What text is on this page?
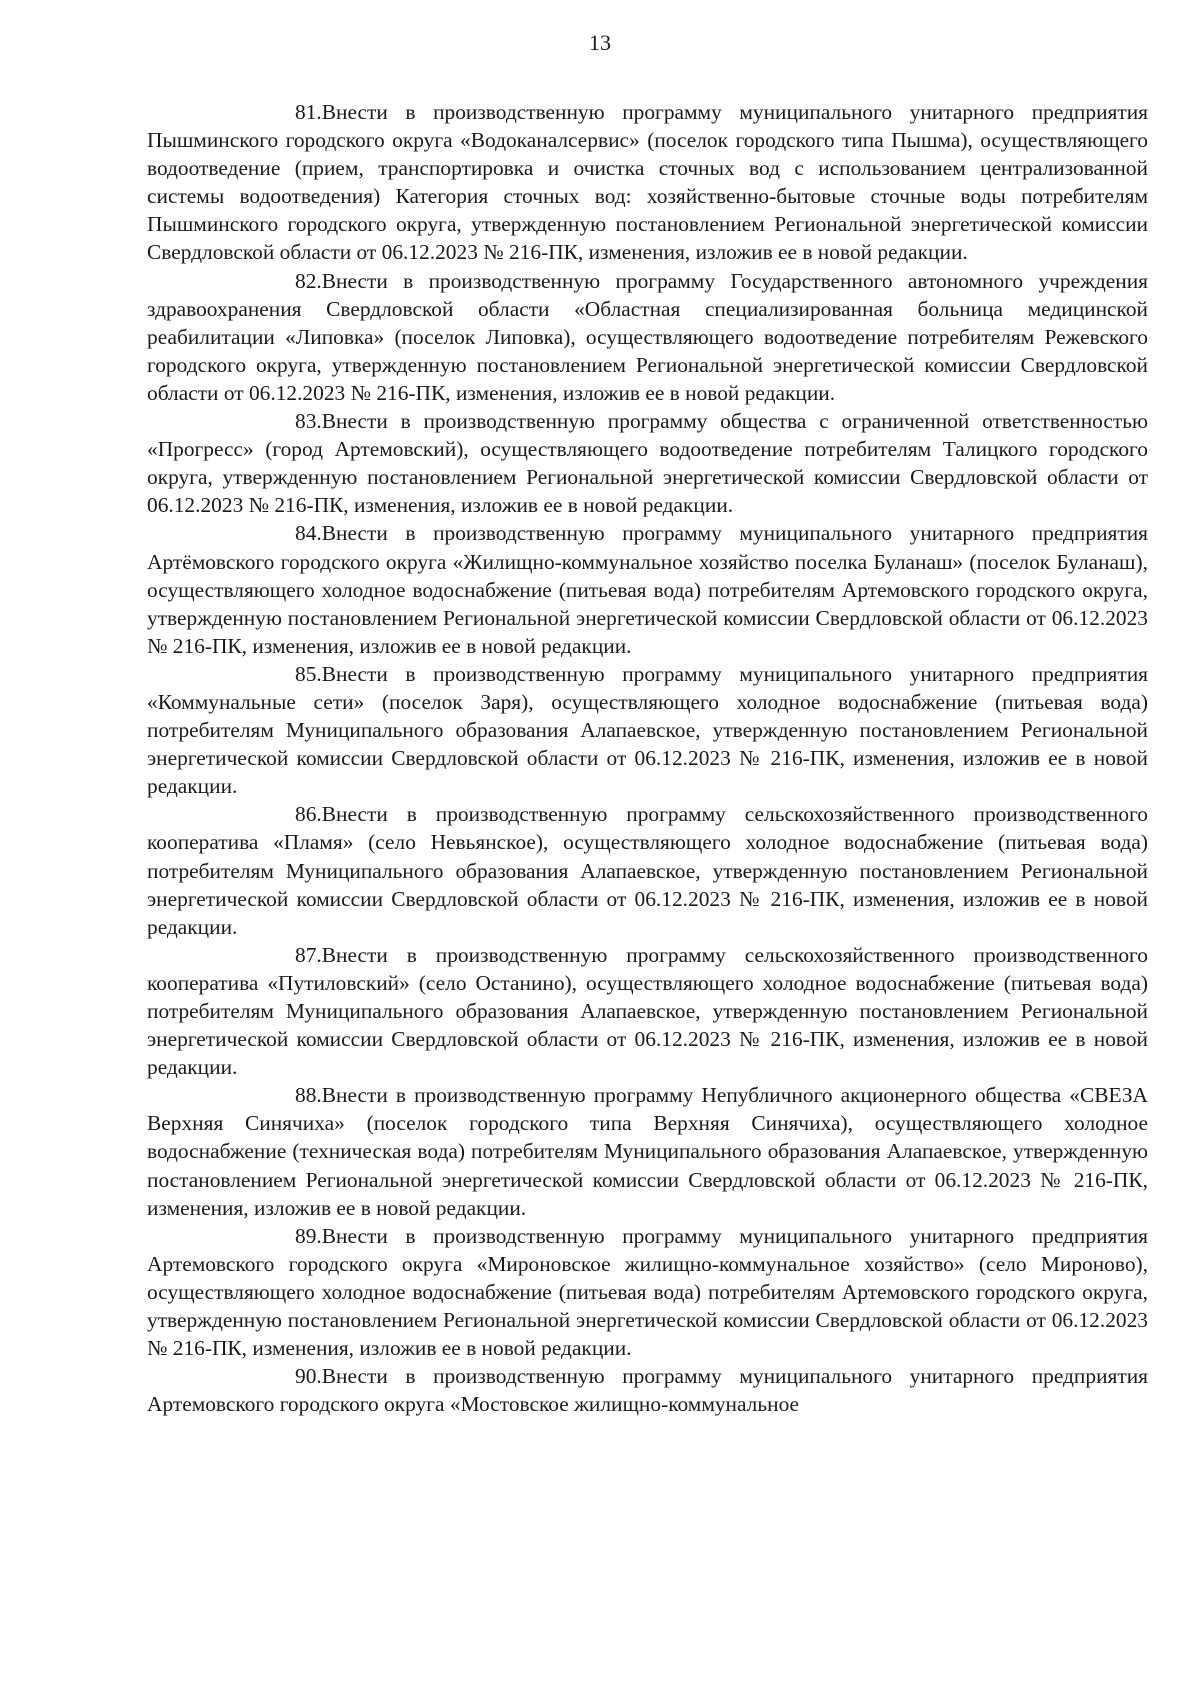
13

81.Внести в производственную программу муниципального унитарного предприятия Пышминского городского округа «Водоканалсервис» (поселок городского типа Пышма), осуществляющего водоотведение (прием, транспортировка и очистка сточных вод с использованием централизованной системы водоотведения) Категория сточных вод: хозяйственно-бытовые сточные воды потребителям Пышминского городского округа, утвержденную постановлением Региональной энергетической комиссии Свердловской области от 06.12.2023 № 216-ПК, изменения, изложив ее в новой редакции.

82.Внести в производственную программу Государственного автономного учреждения здравоохранения Свердловской области «Областная специализированная больница медицинской реабилитации «Липовка» (поселок Липовка), осуществляющего водоотведение потребителям Режевского городского округа, утвержденную постановлением Региональной энергетической комиссии Свердловской области от 06.12.2023 № 216-ПК, изменения, изложив ее в новой редакции.

83.Внести в производственную программу общества с ограниченной ответственностью «Прогресс» (город Артемовский), осуществляющего водоотведение потребителям Талицкого городского округа, утвержденную постановлением Региональной энергетической комиссии Свердловской области от 06.12.2023 № 216-ПК, изменения, изложив ее в новой редакции.

84.Внести в производственную программу муниципального унитарного предприятия Артёмовского городского округа «Жилищно-коммунальное хозяйство поселка Буланаш» (поселок Буланаш), осуществляющего холодное водоснабжение (питьевая вода) потребителям Артемовского городского округа, утвержденную постановлением Региональной энергетической комиссии Свердловской области от 06.12.2023 № 216-ПК, изменения, изложив ее в новой редакции.

85.Внести в производственную программу муниципального унитарного предприятия «Коммунальные сети» (поселок Заря), осуществляющего холодное водоснабжение (питьевая вода) потребителям Муниципального образования Алапаевское, утвержденную постановлением Региональной энергетической комиссии Свердловской области от 06.12.2023 № 216-ПК, изменения, изложив ее в новой редакции.

86.Внести в производственную программу сельскохозяйственного производственного кооператива «Пламя» (село Невьянское), осуществляющего холодное водоснабжение (питьевая вода) потребителям Муниципального образования Алапаевское, утвержденную постановлением Региональной энергетической комиссии Свердловской области от 06.12.2023 № 216-ПК, изменения, изложив ее в новой редакции.

87.Внести в производственную программу сельскохозяйственного производственного кооператива «Путиловский» (село Останино), осуществляющего холодное водоснабжение (питьевая вода) потребителям Муниципального образования Алапаевское, утвержденную постановлением Региональной энергетической комиссии Свердловской области от 06.12.2023 № 216-ПК, изменения, изложив ее в новой редакции.

88.Внести в производственную программу Непубличного акционерного общества «СВЕЗА Верхняя Синячиха» (поселок городского типа Верхняя Синячиха), осуществляющего холодное водоснабжение (техническая вода) потребителям Муниципального образования Алапаевское, утвержденную постановлением Региональной энергетической комиссии Свердловской области от 06.12.2023 № 216-ПК, изменения, изложив ее в новой редакции.

89.Внести в производственную программу муниципального унитарного предприятия Артемовского городского округа «Мироновское жилищно-коммунальное хозяйство» (село Мироново), осуществляющего холодное водоснабжение (питьевая вода) потребителям Артемовского городского округа, утвержденную постановлением Региональной энергетической комиссии Свердловской области от 06.12.2023 № 216-ПК, изменения, изложив ее в новой редакции.

90.Внести в производственную программу муниципального унитарного предприятия Артемовского городского округа «Мостовское жилищно-коммунальное
